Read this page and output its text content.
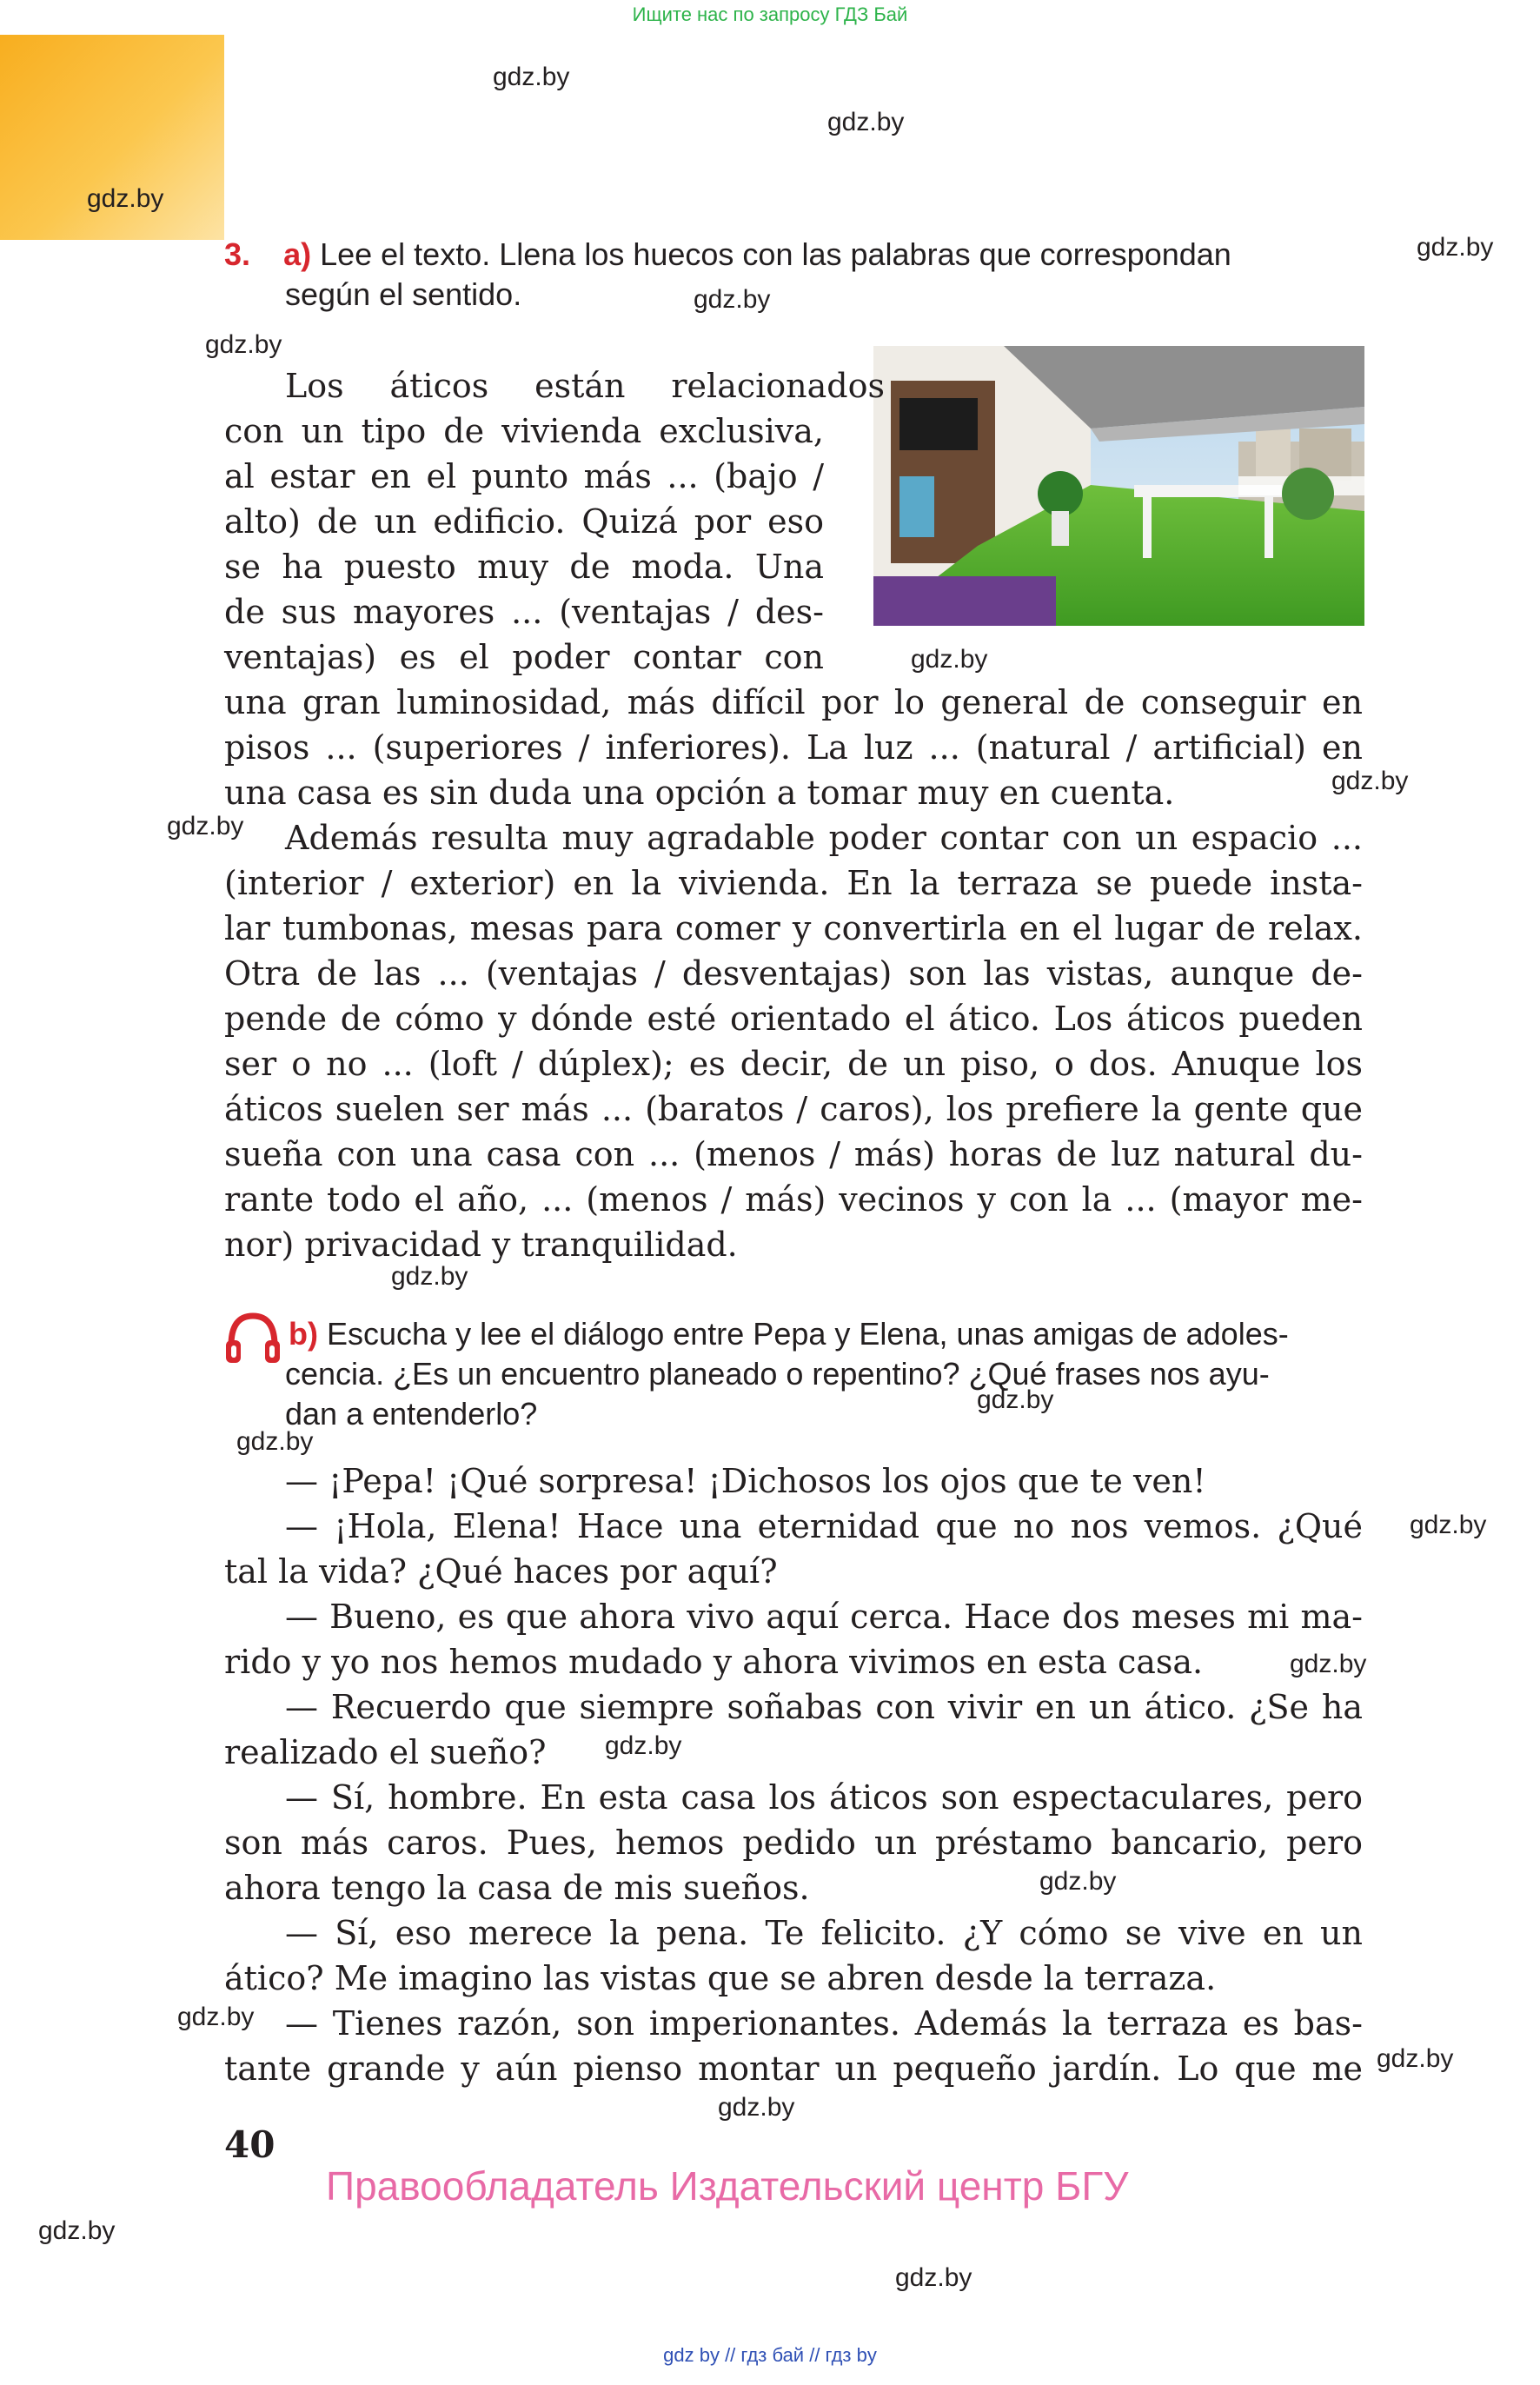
Ищите нас по запросу ГДЗ Бай
gdz.by
gdz.by
gdz.by
gdz.by
gdz.by
gdz.by
gdz.by
gdz.by
gdz.by
gdz.by
gdz.by
gdz.by
gdz.by
gdz.by
gdz.by
gdz.by
gdz.by
gdz.by
gdz.by
gdz.by
gdz.by
3. a) Lee el texto. Llena los huecos con las palabras que correspondan
según el sentido.
Los áticos están relacionados
con un tipo de vivienda exclusiva,
al estar en el punto más ... (bajo /
alto) de un edificio. Quizá por eso
se ha puesto muy de moda. Una
de sus mayores ... (ventajas / des-
ventajas) es el poder contar con
una gran luminosidad, más difícil por lo general de conseguir en
pisos ... (superiores / inferiores). La luz ... (natural / artificial) en
una casa es sin duda una opción a tomar muy en cuenta.
Además resulta muy agradable poder contar con un espacio ...
(interior / exterior) en la vivienda. En la terraza se puede insta-
lar tumbonas, mesas para comer y convertirla en el lugar de relax.
Otra de las ... (ventajas / desventajas) son las vistas, aunque de-
pende de cómo y dónde esté orientado el ático. Los áticos pueden
ser o no ... (loft / dúplex); es decir, de un piso, o dos. Anuque los
áticos suelen ser más ... (baratos / caros), los prefiere la gente que
sueña con una casa con ... (menos / más) horas de luz natural du-
rante todo el año, ... (menos / más) vecinos y con la ... (mayor me-
nor) privacidad y tranquilidad.
b) Escucha y lee el diálogo entre Pepa y Elena, unas amigas de adoles-
cencia. ¿Es un encuentro planeado o repentino? ¿Qué frases nos ayu-
dan a entenderlo?
— ¡Pepa! ¡Qué sorpresa! ¡Dichosos los ojos que te ven!
— ¡Hola, Elena! Hace una eternidad que no nos vemos. ¿Qué
tal la vida? ¿Qué haces por aquí?
— Bueno, es que ahora vivo aquí cerca. Hace dos meses mi ma-
rido y yo nos hemos mudado y ahora vivimos en esta casa.
— Recuerdo que siempre soñabas con vivir en un ático. ¿Se ha
realizado el sueño?
— Sí, hombre. En esta casa los áticos son espectaculares, pero
son más caros. Pues, hemos pedido un préstamo bancario, pero
ahora tengo la casa de mis sueños.
— Sí, eso merece la pena. Te felicito. ¿Y cómo se vive en un
ático? Me imagino las vistas que se abren desde la terraza.
— Tienes razón, son imperionantes. Además la terraza es bas-
tante grande y aún pienso montar un pequeño jardín. Lo que me
40
Правообладатель Издательский центр БГУ
gdz by // гдз бай // гдз by
